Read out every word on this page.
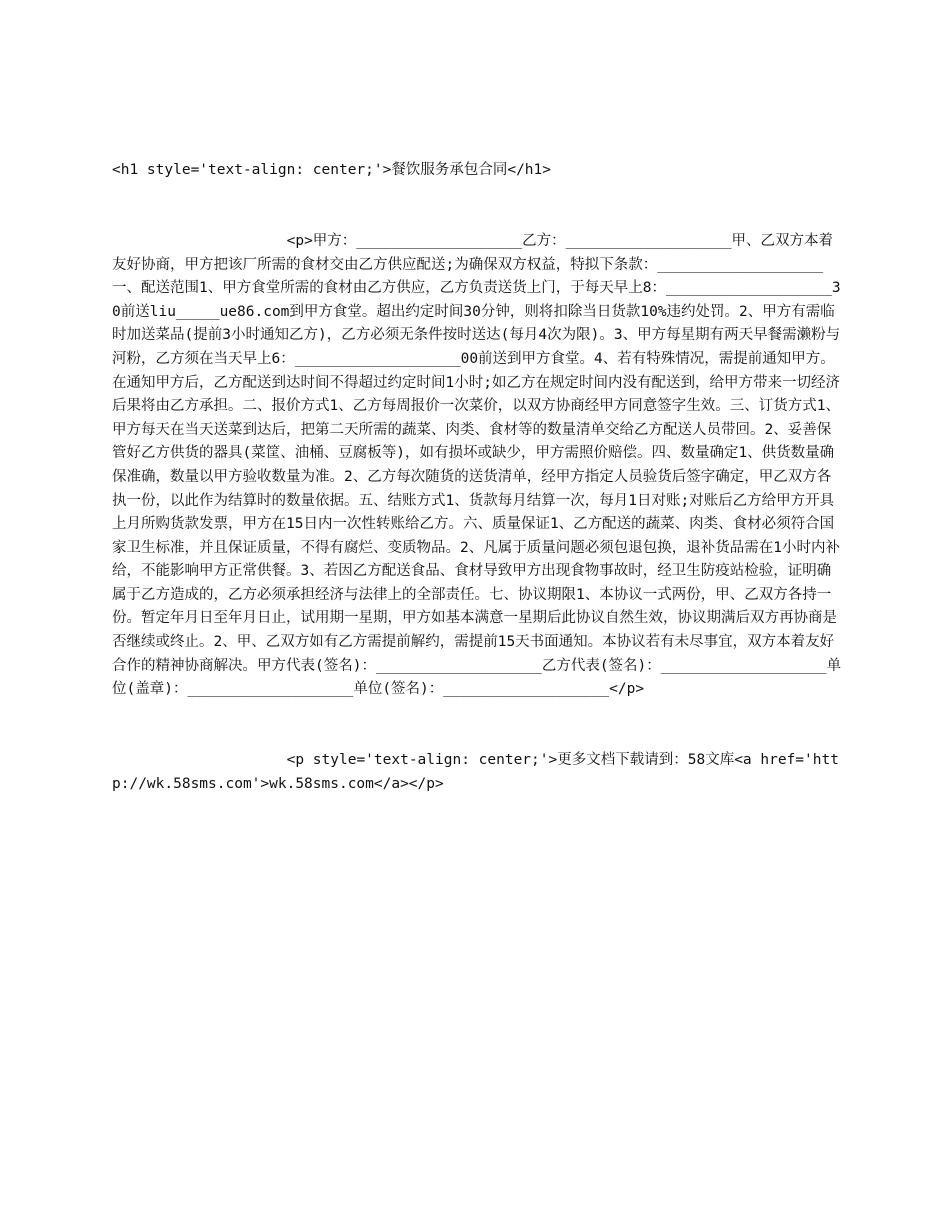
<h1 style='text-align: center;'>餐饮服务承包合同</h1>

<p>甲方：___________________乙方：___________________甲、乙双方本着友好协商，甲方把该厂所需的食材交由乙方供应配送;为确保双方权益，特拟下条款：___________________一、配送范围1、甲方食堂所需的食材由乙方供应，乙方负责送货上门，于每天早上8：___________________30前送liu_____ue86.com到甲方食堂。超出约定时间30分钟，则将扣除当日货款10%违约处罚。2、甲方有需临时加送菜品(提前3小时通知乙方)，乙方必须无条件按时送达(每月4次为限)。3、甲方每星期有两天早餐需濑粉与河粉，乙方须在当天早上6：___________________00前送到甲方食堂。4、若有特殊情况，需提前通知甲方。在通知甲方后，乙方配送到达时间不得超过约定时间1小时;如乙方在规定时间内没有配送到，给甲方带来一切经济后果将由乙方承担。二、报价方式1、乙方每周报价一次菜价，以双方协商经甲方同意签字生效。三、订货方式1、甲方每天在当天送菜到达后，把第二天所需的蔬菜、肉类、食材等的数量清单交给乙方配送人员带回。2、妥善保管好乙方供货的器具(菜筐、油桶、豆腐板等)，如有损坏或缺少，甲方需照价赔偿。四、数量确定1、供货数量确保准确，数量以甲方验收数量为准。2、乙方每次随货的送货清单，经甲方指定人员验货后签字确定，甲乙双方各执一份，以此作为结算时的数量依据。五、结账方式1、货款每月结算一次，每月1日对账;对账后乙方给甲方开具上月所购货款发票，甲方在15日内一次性转账给乙方。六、质量保证1、乙方配送的蔬菜、肉类、食材必须符合国家卫生标准，并且保证质量，不得有腐烂、变质物品。2、凡属于质量问题必须包退包换，退补货品需在1小时内补给，不能影响甲方正常供餐。3、若因乙方配送食品、食材导致甲方出现食物事故时，经卫生防疫站检验，证明确属于乙方造成的，乙方必须承担经济与法律上的全部责任。七、协议期限1、本协议一式两份，甲、乙双方各持一份。暂定年月日至年月日止，试用期一星期，甲方如基本满意一星期后此协议自然生效，协议期满后双方再协商是否继续或终止。2、甲、乙双方如有乙方需提前解约，需提前15天书面通知。本协议若有未尽事宜，双方本着友好合作的精神协商解决。甲方代表(签名)：___________________乙方代表(签名)：___________________单位(盖章)：___________________单位(签名)：___________________</p>

<p style='text-align: center;'>更多文档下载请到：58文库<a href='http://wk.58sms.com'>wk.58sms.com</a></p>
